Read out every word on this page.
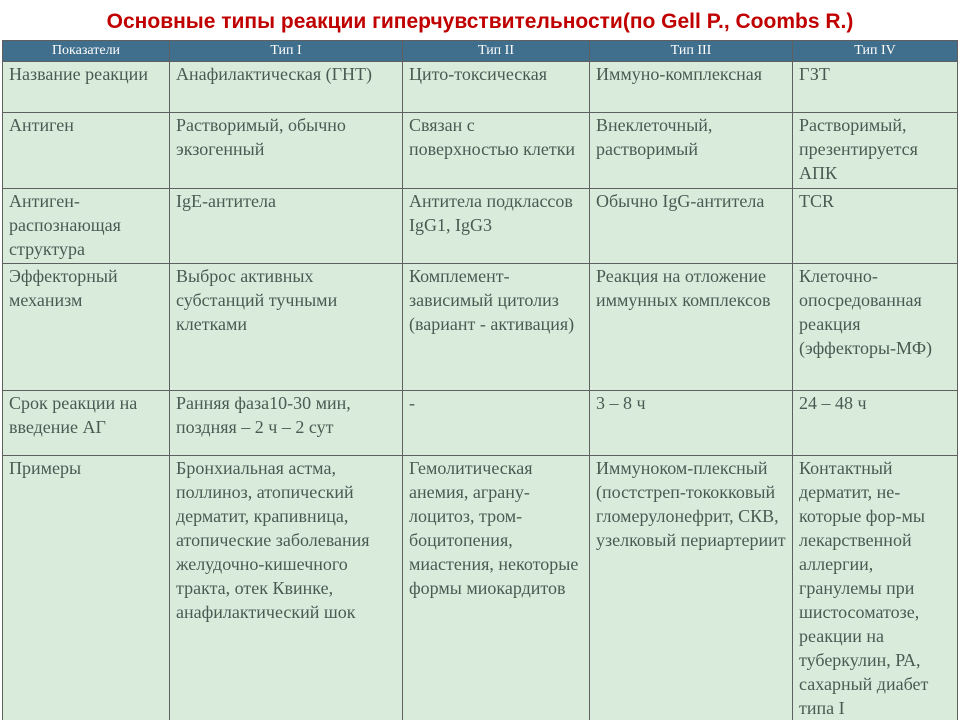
Основные типы реакции гиперчувствительности(по Gell P., Coombs R.)
Показатели	Тип I	Тип II	Тип III	Тип IV
Название реакции	Анафилактическая (ГНТ)	Цито-токсическая	Иммуно-комплексная	ГЗТ
Антиген	Растворимый, обычно экзогенный	Связан с поверхностью клетки	Внеклеточный, растворимый	Растворимый, презентируется АПК
Антиген-распознающая структура	IgE-антитела	Антитела подклассов IgG1, IgG3	Обычно IgG-антитела	TCR
Эффекторный механизм	Выброс активных субстанций тучными клетками	Комплемент-зависимый цитолиз (вариант - активация)	Реакция на отложение иммунных комплексов	Клеточно-опосредованная реакция (эффекторы-МФ)
Срок реакции на введение АГ	Ранняя фаза10-30 мин, поздняя – 2 ч – 2 сут	-	3 – 8 ч	24 – 48 ч
Примеры	Бронхиальная астма, поллиноз, атопический дерматит, крапивница, атопические заболевания желудочно-кишечного тракта, отек Квинке, анафилактический шок	Гемолитическая анемия, аграну-лоцитоз, тром-боцитопения, миастения, некоторые формы миокардитов	Иммуноком-плексный (постстреп-тококковый гломерулонефрит, СКВ, узелковый периартериит	Контактный дерматит, не-которые фор-мы лекарственной аллергии, гранулемы при шистосоматозе, реакции на туберкулин, РА, сахарный диабет типа I
